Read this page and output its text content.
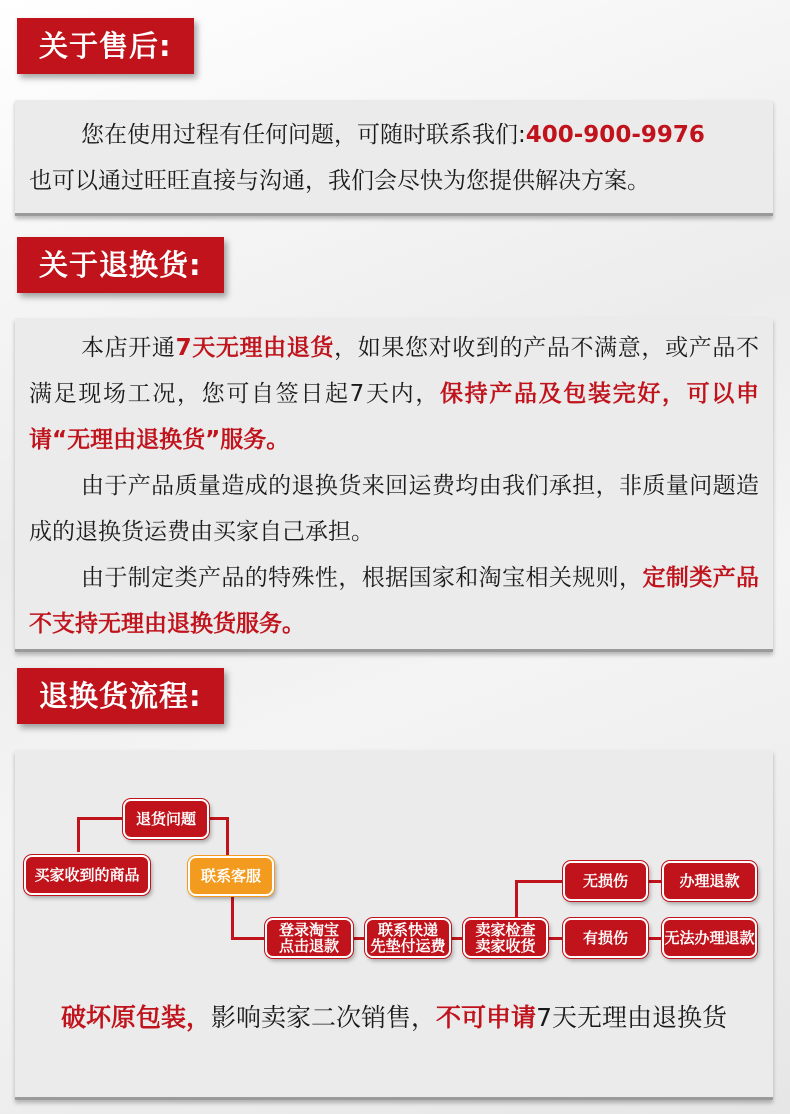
关于售后:
您在使用过程有任何问题，可随时联系我们:400-900-9976
也可以通过旺旺直接与沟通，我们会尽快为您提供解决方案。
关于退换货:
本店开通7天无理由退货，如果您对收到的产品不满意，或产品不满足现场工况，您可自签日起7天内，保持产品及包装完好，可以申请“无理由退换货”服务。
由于产品质量造成的退换货来回运费均由我们承担，非质量问题造成的退换货运费由买家自己承担。
由于制定类产品的特殊性，根据国家和淘宝相关规则，定制类产品不支持无理由退换货服务。
退换货流程:
买家收到的商品
退货问题
联系客服
登录淘宝
点击退款
联系快递
先垫付运费
卖家检查
卖家收货
无损伤
有损伤
办理退款
无法办理退款
破坏原包装，影响卖家二次销售，不可申请7天无理由退换货
